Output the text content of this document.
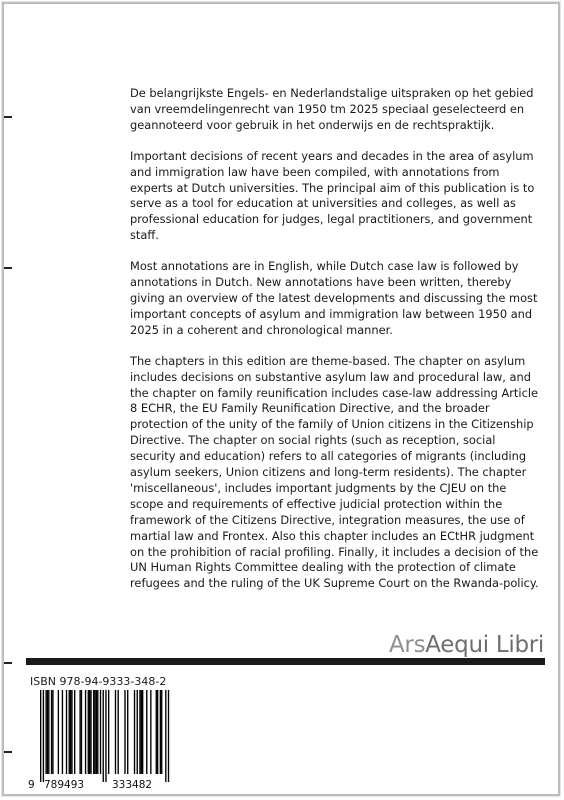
De belangrijkste Engels- en Nederlandstalige uitspraken op het gebied van vreemdelingenrecht van 1950 tm 2025 speciaal geselecteerd en geannoteerd voor gebruik in het onderwijs en de rechtspraktijk.

Important decisions of recent years and decades in the area of asylum and immigration law have been compiled, with annotations from experts at Dutch universities. The principal aim of this publication is to serve as a tool for education at universities and colleges, as well as professional education for judges, legal practitioners, and government staff.

Most annotations are in English, while Dutch case law is followed by annotations in Dutch. New annotations have been written, thereby giving an overview of the latest developments and discussing the most important concepts of asylum and immigration law between 1950 and 2025 in a coherent and chronological manner.

The chapters in this edition are theme-based. The chapter on asylum includes decisions on substantive asylum law and procedural law, and the chapter on family reunification includes case-law addressing Article 8 ECHR, the EU Family Reunification Directive, and the broader protection of the unity of the family of Union citizens in the Citizenship Directive. The chapter on social rights (such as reception, social security and education) refers to all categories of migrants (including asylum seekers, Union citizens and long-term residents). The chapter 'miscellaneous', includes important judgments by the CJEU on the scope and requirements of effective judicial protection within the framework of the Citizens Directive, integration measures, the use of martial law and Frontex. Also this chapter includes an ECtHR judgment on the prohibition of racial profiling. Finally, it includes a decision of the UN Human Rights Committee dealing with the protection of climate refugees and the ruling of the UK Supreme Court on the Rwanda-policy.

ArsAequi Libri
ISBN 978-94-9333-348-2
9 789493	333482
